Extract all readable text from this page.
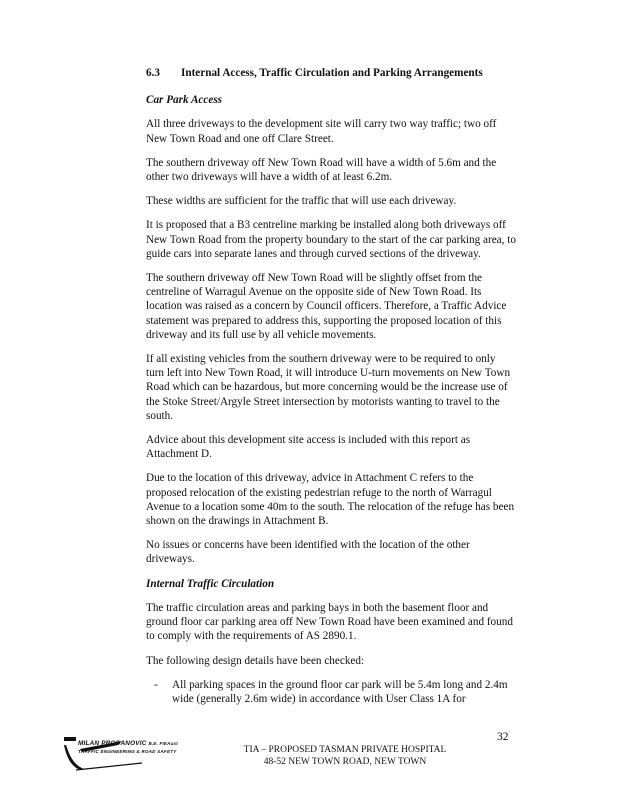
6.3	Internal Access, Traffic Circulation and Parking Arrangements
Car Park Access

All three driveways to the development site will carry two way traffic; two off New Town Road and one off Clare Street.

The southern driveway off New Town Road will have a width of 5.6m and the other two driveways will have a width of at least 6.2m.

These widths are sufficient for the traffic that will use each driveway.

It is proposed that a B3 centreline marking be installed along both driveways off New Town Road from the property boundary to the start of the car parking area, to guide cars into separate lanes and through curved sections of the driveway.

The southern driveway off New Town Road will be slightly offset from the centreline of Warragul Avenue on the opposite side of New Town Road. Its location was raised as a concern by Council officers. Therefore, a Traffic Advice statement was prepared to address this, supporting the proposed location of this driveway and its full use by all vehicle movements.

If all existing vehicles from the southern driveway were to be required to only turn left into New Town Road, it will introduce U-turn movements on New Town Road which can be hazardous, but more concerning would be the increase use of the Stoke Street/Argyle Street intersection by motorists wanting to travel to the south.

Advice about this development site access is included with this report as Attachment D.

Due to the location of this driveway, advice in Attachment C refers to the proposed relocation of the existing pedestrian refuge to the north of Warragul Avenue to a location some 40m to the south. The relocation of the refuge has been shown on the drawings in Attachment B.

No issues or concerns have been identified with the location of the other driveways.

Internal Traffic Circulation

The traffic circulation areas and parking bays in both the basement floor and ground floor car parking area off New Town Road have been examined and found to comply with the requirements of AS 2890.1.

The following design details have been checked:

-	All parking spaces in the ground floor car park will be 5.4m long and 2.4m wide (generally 2.6m wide) in accordance with User Class 1A for
32
MILAN PRODANOVIC B.E. FIEAust
TRAFFIC ENGINEERING & ROAD SAFETY	TIA – PROPOSED TASMAN PRIVATE HOSPITAL
48-52 NEW TOWN ROAD, NEW TOWN
